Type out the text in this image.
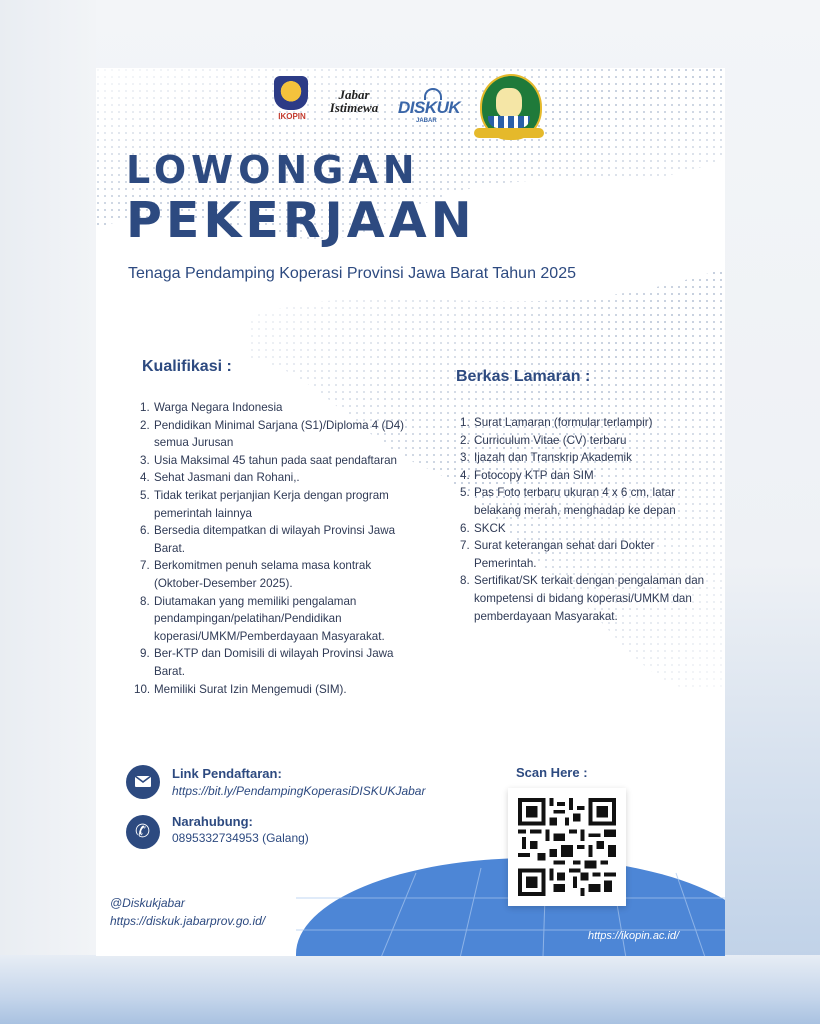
IKOPIN
Jabar Istimewa	DISKUK
JABAR
LOWONGAN
PEKERJAAN
Tenaga Pendamping Koperasi Provinsi Jawa Barat Tahun 2025
Kualifikasi :
1. Warga Negara Indonesia
2. Pendidikan Minimal Sarjana (S1)/Diploma 4 (D4) semua Jurusan
3. Usia Maksimal 45 tahun pada saat pendaftaran
4. Sehat Jasmani dan Rohani,.
5. Tidak terikat perjanjian Kerja dengan program pemerintah lainnya
6. Bersedia ditempatkan di wilayah Provinsi Jawa Barat.
7. Berkomitmen penuh selama masa kontrak (Oktober-Desember 2025).
8. Diutamakan yang memiliki pengalaman pendampingan/pelatihan/Pendidikan koperasi/UMKM/Pemberdayaan Masyarakat.
9. Ber-KTP dan Domisili di wilayah Provinsi Jawa Barat.
10. Memiliki Surat Izin Mengemudi (SIM).
Berkas Lamaran :
1. Surat Lamaran (formular terlampir)
2. Curriculum Vitae (CV) terbaru
3. Ijazah dan Transkrip Akademik
4. Fotocopy KTP dan SIM
5. Pas Foto terbaru ukuran 4 x 6 cm, latar belakang merah, menghadap ke depan
6. SKCK
7. Surat keterangan sehat dari Dokter Pemerintah.
8. Sertifikat/SK terkait dengan pengalaman dan kompetensi di bidang koperasi/UMKM dan pemberdayaan Masyarakat.
Link Pendaftaran:
https://bit.ly/PendampingKoperasiDISKUKJabar
✆ Narahubung:
0895332734953 (Galang)
Scan Here :
@Diskukjabar
https://diskuk.jabarprov.go.id/
https://ikopin.ac.id/
